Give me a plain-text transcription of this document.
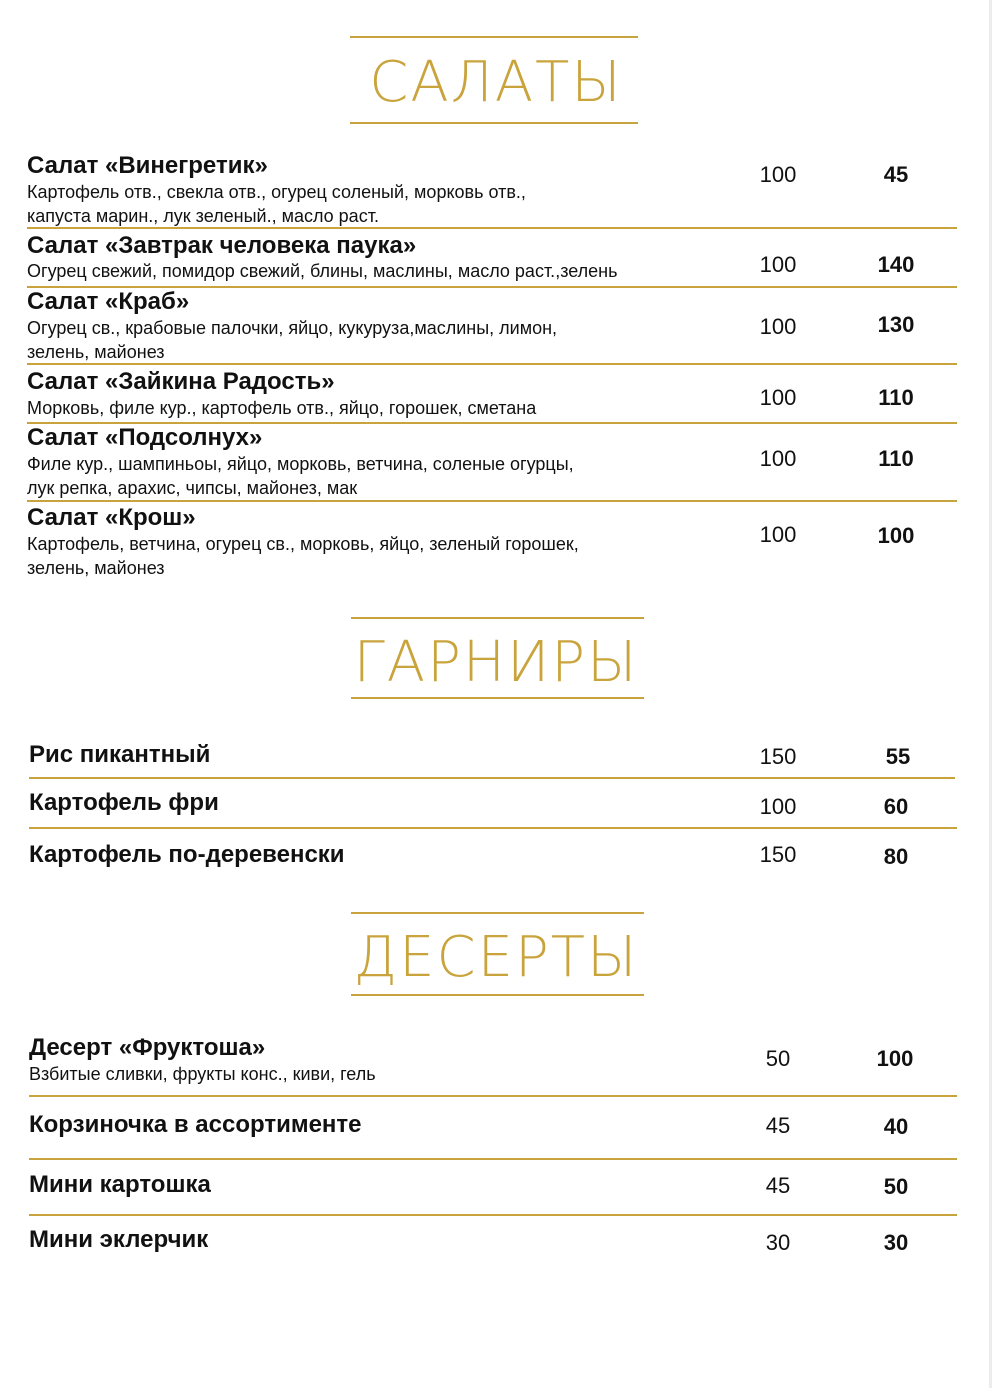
САЛАТЫ
Салат «Винегретик»
Картофель отв., свекла отв., огурец соленый, морковь отв.,
капуста марин., лук зеленый., масло раст.
100	45
Салат «Завтрак человека паука»
Огурец свежий, помидор свежий, блины, маслины, масло раст.,зелень	100	140
Салат «Краб»
Огурец св., крабовые палочки, яйцо, кукуруза,маслины, лимон,
зелень, майонез
100	130
Салат «Зайкина Радость»
Морковь, филе кур., картофель отв., яйцо, горошек, сметана	100	110
Салат «Подсолнух»
Филе кур., шампиньоы, яйцо, морковь, ветчина, соленые огурцы,
лук репка, арахис, чипсы, майонез, мак
100	110
Салат «Крош»
Картофель, ветчина, огурец св., морковь, яйцо, зеленый горошек,
зелень, майонез
100	100
ГАРНИРЫ
Рис пикантный	150	55
Картофель фри	100	60
Картофель по-деревенски	150	80
ДЕСЕРТЫ
Десерт «Фруктоша»
Взбитые сливки, фрукты конс., киви, гель
50	100
Корзиночка в ассортименте	45	40
Мини картошка	45	50
Мини эклерчик	30	30
